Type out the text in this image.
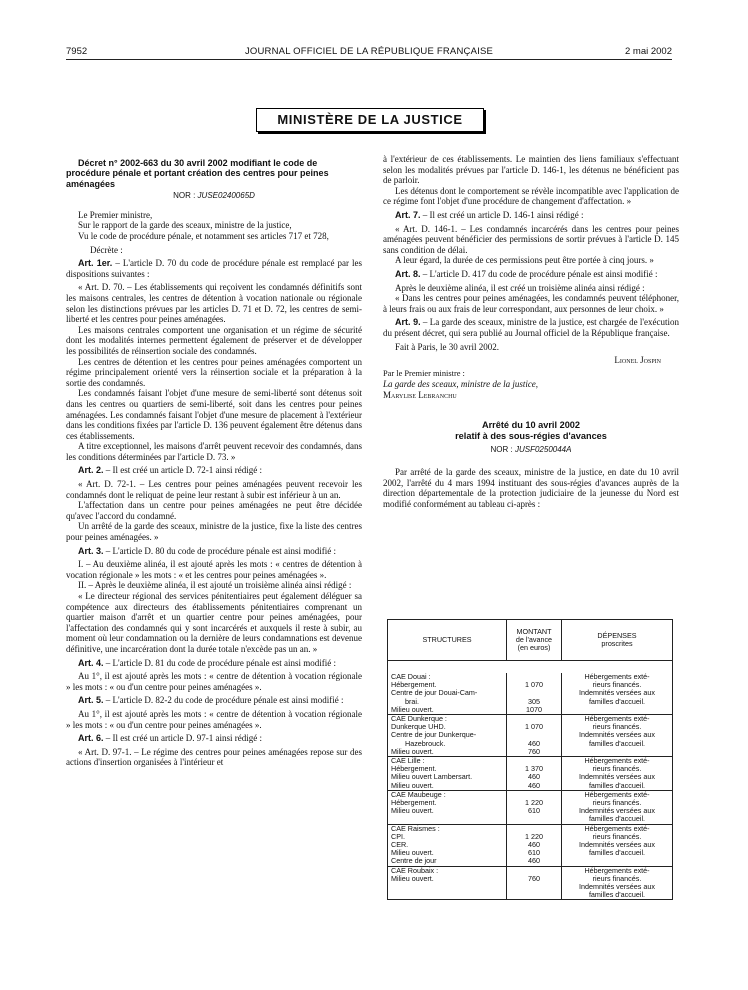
7952	JOURNAL OFFICIEL DE LA RÉPUBLIQUE FRANÇAISE	2 mai 2002
MINISTÈRE DE LA JUSTICE

Décret n° 2002-663 du 30 avril 2002 modifiant le code de procédure pénale et portant création des centres pour peines aménagées

NOR : JUSE0240065D

Le Premier ministre,

Sur le rapport de la garde des sceaux, ministre de la justice,

Vu le code de procédure pénale, et notamment ses articles 717 et 728,

Décrète :

Art. 1er. – L'article D. 70 du code de procédure pénale est remplacé par les dispositions suivantes :

« Art. D. 70. – Les établissements qui reçoivent les condamnés définitifs sont les maisons centrales, les centres de détention à vocation nationale ou régionale selon les distinctions prévues par les articles D. 71 et D. 72, les centres de semi-liberté et les centres pour peines aménagées.

Les maisons centrales comportent une organisation et un régime de sécurité dont les modalités internes permettent également de préserver et de développer les possibilités de réinsertion sociale des condamnés.

Les centres de détention et les centres pour peines aménagées comportent un régime principalement orienté vers la réinsertion sociale et la préparation à la sortie des condamnés.

Les condamnés faisant l'objet d'une mesure de semi-liberté sont détenus soit dans les centres ou quartiers de semi-liberté, soit dans les centres pour peines aménagées. Les condamnés faisant l'objet d'une mesure de placement à l'extérieur dans les conditions fixées par l'article D. 136 peuvent également être détenus dans ces établissements.

A titre exceptionnel, les maisons d'arrêt peuvent recevoir des condamnés, dans les conditions déterminées par l'article D. 73. »

Art. 2. – Il est créé un article D. 72-1 ainsi rédigé :

« Art. D. 72-1. – Les centres pour peines aménagées peuvent recevoir les condamnés dont le reliquat de peine leur restant à subir est inférieur à un an.

L'affectation dans un centre pour peines aménagées ne peut être décidée qu'avec l'accord du condamné.

Un arrêté de la garde des sceaux, ministre de la justice, fixe la liste des centres pour peines aménagées. »

Art. 3. – L'article D. 80 du code de procédure pénale est ainsi modifié :

I. – Au deuxième alinéa, il est ajouté après les mots : « centres de détention à vocation régionale » les mots : « et les centres pour peines aménagées ».

II. – Après le deuxième alinéa, il est ajouté un troisième alinéa ainsi rédigé :

« Le directeur régional des services pénitentiaires peut également déléguer sa compétence aux directeurs des établissements pénitentiaires comprenant un quartier maison d'arrêt et un quartier centre pour peines aménagées, pour l'affectation des condamnés qui y sont incarcérés et auxquels il reste à subir, au moment où leur condamnation ou la dernière de leurs condamnations est devenue définitive, une incarcération dont la durée totale n'excède pas un an. »

Art. 4. – L'article D. 81 du code de procédure pénale est ainsi modifié :

Au 1°, il est ajouté après les mots : « centre de détention à vocation régionale » les mots : « ou d'un centre pour peines aménagées ».

Art. 5. – L'article D. 82-2 du code de procédure pénale est ainsi modifié :

Au 1°, il est ajouté après les mots : « centre de détention à vocation régionale » les mots : « ou d'un centre pour peines aménagées ».

Art. 6. – Il est créé un article D. 97-1 ainsi rédigé :

« Art. D. 97-1. – Le régime des centres pour peines aménagées repose sur des actions d'insertion organisées à l'intérieur et

à l'extérieur de ces établissements. Le maintien des liens familiaux s'effectuant selon les modalités prévues par l'article D. 146-1, les détenus ne bénéficient pas de parloir.

Les détenus dont le comportement se révèle incompatible avec l'application de ce régime font l'objet d'une procédure de changement d'affectation. »

Art. 7. – Il est créé un article D. 146-1 ainsi rédigé :

« Art. D. 146-1. – Les condamnés incarcérés dans les centres pour peines aménagées peuvent bénéficier des permissions de sortir prévues à l'article D. 145 sans condition de délai.

A leur égard, la durée de ces permissions peut être portée à cinq jours. »

Art. 8. – L'article D. 417 du code de procédure pénale est ainsi modifié :

Après le deuxième alinéa, il est créé un troisième alinéa ainsi rédigé :

« Dans les centres pour peines aménagées, les condamnés peuvent téléphoner, à leurs frais ou aux frais de leur correspondant, aux personnes de leur choix. »

Art. 9. – La garde des sceaux, ministre de la justice, est chargée de l'exécution du présent décret, qui sera publié au Journal officiel de la République française.

Fait à Paris, le 30 avril 2002.

Lionel Jospin

Par le Premier ministre :

La garde des sceaux, ministre de la justice,

Marylise Lebranchu

Arrêté du 10 avril 2002
relatif à des sous-régies d'avances
NOR : JUSF0250044A

Par arrêté de la garde des sceaux, ministre de la justice, en date du 10 avril 2002, l'arrêté du 4 mars 1994 instituant des sous-régies d'avances auprès de la direction départementale de la protection judiciaire de la jeunesse du Nord est modifié conformément au tableau ci-après :

STRUCTURES	MONTANT
de l'avance
(en euros)	DÉPENSES
proscrites

CAE Douai :
Hébergement.
Centre de jour Douai-Cam-
brai.
Milieu ouvert.	1 070

305
1070	Hébergements exté-
rieurs financés.
Indemnités versées aux
familles d'accueil.

CAE Dunkerque :
Dunkerque UHD.
Centre de jour Dunkerque-
Hazebrouck.
Milieu ouvert.	1 070

460
760	Hébergements exté-
rieurs financés.
Indemnités versées aux
familles d'accueil.

CAE Lille :
Hébergement.
Milieu ouvert Lambersart.
Milieu ouvert.	1 370
460
460	Hébergements exté-
rieurs financés.
Indemnités versées aux
familles d'accueil.

CAE Maubeuge :
Hébergement.
Milieu ouvert.	1 220
610	Hébergements exté-
rieurs financés.
Indemnités versées aux
familles d'accueil.

CAE Raismes :
CPI.
CER.
Milieu ouvert.
Centre de jour	1 220
460
610
460	Hébergements exté-
rieurs financés.
Indemnités versées aux
familles d'accueil.

CAE Roubaix :
Milieu ouvert.	760	Hébergements exté-
rieurs financés.
Indemnités versées aux
familles d'accueil.
